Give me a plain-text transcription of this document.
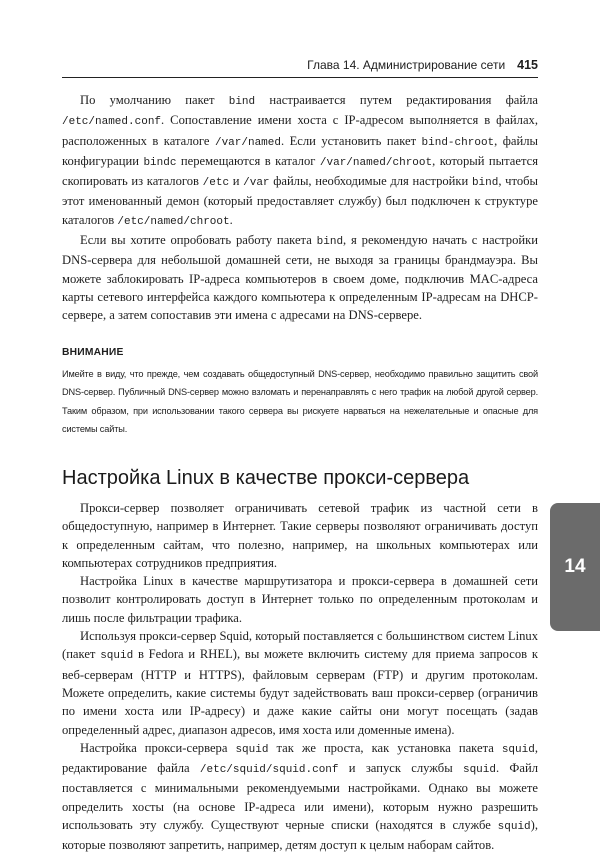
Глава 14. Администрирование сети 415

По умолчанию пакет bind настраивается путем редактирования файла /etc/named.conf. Сопоставление имени хоста с IP-адресом выполняется в файлах, расположенных в каталоге /var/named. Если установить пакет bind-chroot, файлы конфигурации bindc перемещаются в каталог /var/named/chroot, который пытается скопировать из каталогов /etc и /var файлы, необходимые для настройки bind, чтобы этот именованный демон (который предоставляет службу) был подключен к структуре каталогов /etc/named/chroot.

Если вы хотите опробовать работу пакета bind, я рекомендую начать с настройки DNS-сервера для небольшой домашней сети, не выходя за границы брандмауэра. Вы можете заблокировать IP-адреса компьютеров в своем доме, подключив MAC-адреса карты сетевого интерфейса каждого компьютера к определенным IP-адресам на DHCP-сервере, а затем сопоставив эти имена с адресами на DNS-сервере.

ВНИМАНИЕ
Имейте в виду, что прежде, чем создавать общедоступный DNS-сервер, необходимо правильно защитить свой DNS-сервер. Публичный DNS-сервер можно взломать и перенаправлять с него трафик на любой другой сервер. Таким образом, при использовании такого сервера вы рискуете нарваться на нежелательные и опасные для системы сайты.
Настройка Linux в качестве прокси-сервера

Прокси-сервер позволяет ограничивать сетевой трафик из частной сети в общедоступную, например в Интернет. Такие серверы позволяют ограничивать доступ к определенным сайтам, что полезно, например, на школьных компьютерах или компьютерах сотрудников предприятия.

Настройка Linux в качестве маршрутизатора и прокси-сервера в домашней сети позволит контролировать доступ в Интернет только по определенным протоколам и лишь после фильтрации трафика.

Используя прокси-сервер Squid, который поставляется с большинством систем Linux (пакет squid в Fedora и RHEL), вы можете включить систему для приема запросов к веб-серверам (HTTP и HTTPS), файловым серверам (FTP) и другим протоколам. Можете определить, какие системы будут задействовать ваш прокси-сервер (ограничив по имени хоста или IP-адресу) и даже какие сайты они могут посещать (задав определенный адрес, диапазон адресов, имя хоста или доменные имена).

Настройка прокси-сервера squid так же проста, как установка пакета squid, редактирование файла /etc/squid/squid.conf и запуск службы squid. Файл поставляется с минимальными рекомендуемыми настройками. Однако вы можете определить хосты (на основе IP-адреса или имени), которым нужно разрешить использовать эту службу. Существуют черные списки (находятся в службе squid), которые позволяют запретить, например, детям доступ к целым наборам сайтов.

14
